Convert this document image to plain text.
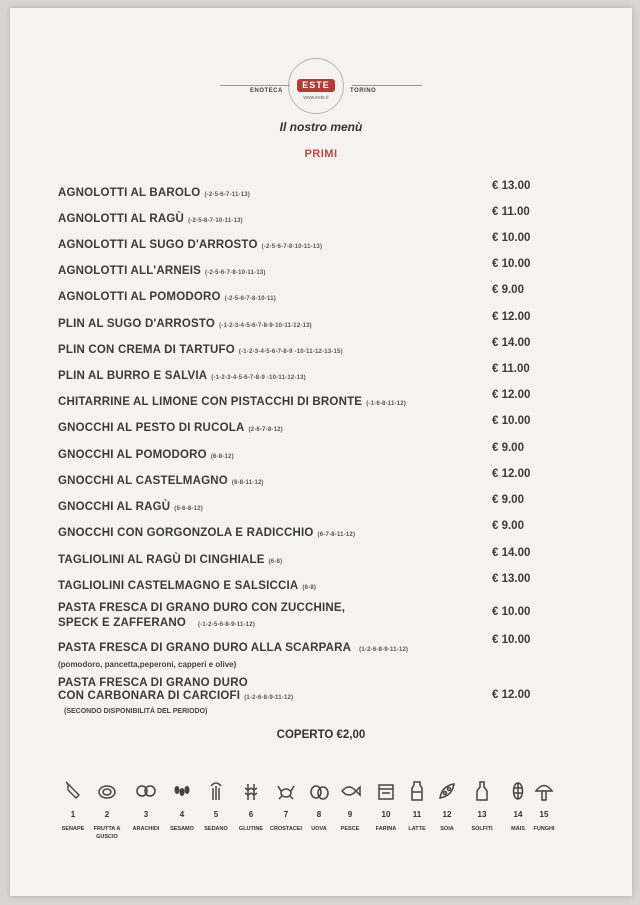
ENOTECA	TORINO
ESTE
www.este.it
Il nostro menù
PRIMI
AGNOLOTTI AL BAROLO (-2-5-6-7-11-13)
€ 13.00
AGNOLOTTI AL RAGÙ (-2-5-8-7-10-11-13)
€ 11.00
AGNOLOTTI AL SUGO D'ARROSTO (-2-5-6-7-8-10-11-13)
€ 10.00
AGNOLOTTI ALL'ARNEIS (-2-5-6-7-8-10-11-13)
€ 10.00
AGNOLOTTI AL POMODORO (-2-5-6-7-8-10-11)
€ 9.00
PLIN AL SUGO D'ARROSTO (-1-2-3-4-5-6-7-8-9-10-11-12-13)
€ 12.00
PLIN CON CREMA DI TARTUFO (-1-2-3-4-5-6-7-8-9 -10-11-12-13-15)
€ 14.00
PLIN AL BURRO E SALVIA (-1-2-3-4-5-6-7-8-9 -10-11-12-13)
€ 11.00
CHITARRINE AL LIMONE CON PISTACCHI DI BRONTE (-1-6-8-11-12)
€ 12.00
GNOCCHI AL PESTO DI RUCOLA (2-6-7-8-12)
€ 10.00
GNOCCHI AL POMODORO (6-8-12)
€ 9.00
GNOCCHI AL CASTELMAGNO (6-8-11-12)
€ 12.00
GNOCCHI AL RAGÙ (5-6-8-12)
€ 9.00
GNOCCHI CON GORGONZOLA E RADICCHIO (6-7-8-11-12)
€ 9.00
TAGLIOLINI AL RAGÙ DI CINGHIALE (6-8)
€ 14.00
TAGLIOLINI CASTELMAGNO E SALSICCIA (6-8)
€ 13.00
PASTA FRESCA DI GRANO DURO CON ZUCCHINE,
SPECK E ZAFFERANO (-1-2-5-6-8-9-11-12)
€ 10.00
PASTA FRESCA DI GRANO DURO ALLA SCARPARA (1-2-6-8-9-11-12)
(pomodoro, pancetta,peperoni, capperi e olive)
€ 10.00
PASTA FRESCA DI GRANO DURO
CON CARBONARA DI CARCIOFI (1-2-6-8-9-11-12)
(SECONDO DISPONIBILITÀ DEL PERIODO)
€ 12.00
COPERTO €2,00
1
SENAPE
2
FRUTTA A GUSCIO
3
ARACHIDI
4
SESAMO
5
SEDANO
6
GLUTINE
7
CROSTACEI
8
UOVA
9
PESCE
10
FARINA
11
LATTE
12
SOIA
13
SOLFITI
14
MAIS
15
FUNGHI
